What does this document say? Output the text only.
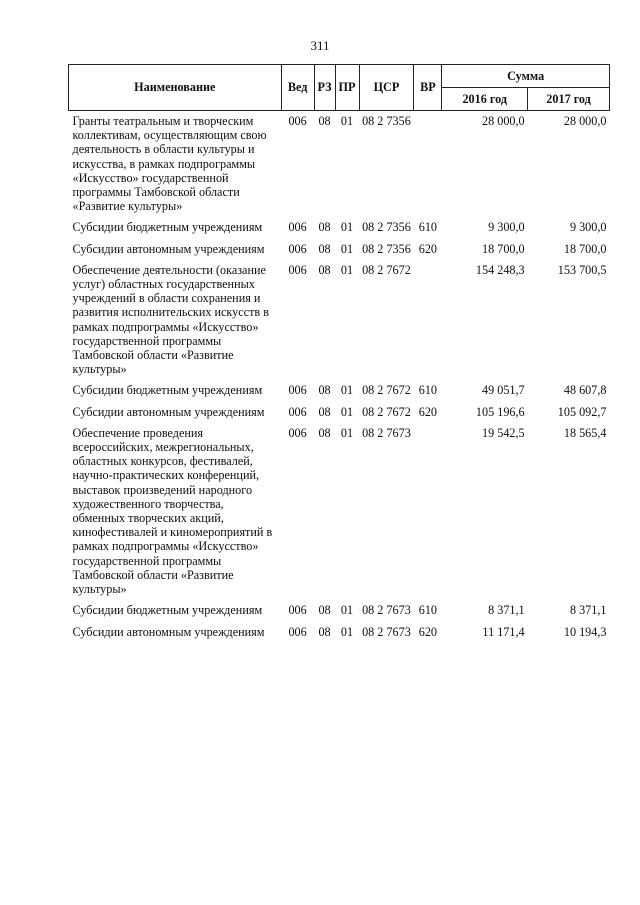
311
Наименование	Вед	РЗ	ПР	ЦСР	ВР	Сумма	
						2016 год	2017 год
Гранты театральным и творческим коллективам, осуществляющим свою деятельность в области культуры и искусства, в рамках подпрограммы «Искусство» государственной программы Тамбовской области «Развитие культуры»	006	08	01	08 2 7356		28 000,0	28 000,0
Субсидии бюджетным учреждениям	006	08	01	08 2 7356	610	9 300,0	9 300,0
Субсидии автономным учреждениям	006	08	01	08 2 7356	620	18 700,0	18 700,0
Обеспечение деятельности (оказание услуг) областных государственных учреждений в области сохранения и развития исполнительских искусств в рамках подпрограммы «Искусство» государственной программы Тамбовской области «Развитие культуры»	006	08	01	08 2 7672		154 248,3	153 700,5
Субсидии бюджетным учреждениям	006	08	01	08 2 7672	610	49 051,7	48 607,8
Субсидии автономным учреждениям	006	08	01	08 2 7672	620	105 196,6	105 092,7
Обеспечение проведения всероссийских, межрегиональных, областных конкурсов, фестивалей, научно-практических конференций, выставок произведений народного художественного творчества, обменных творческих акций, кинофестивалей и киномероприятий в рамках подпрограммы «Искусство» государственной программы Тамбовской области «Развитие культуры»	006	08	01	08 2 7673		19 542,5	18 565,4
Субсидии бюджетным учреждениям	006	08	01	08 2 7673	610	8 371,1	8 371,1
Субсидии автономным учреждениям	006	08	01	08 2 7673	620	11 171,4	10 194,3
